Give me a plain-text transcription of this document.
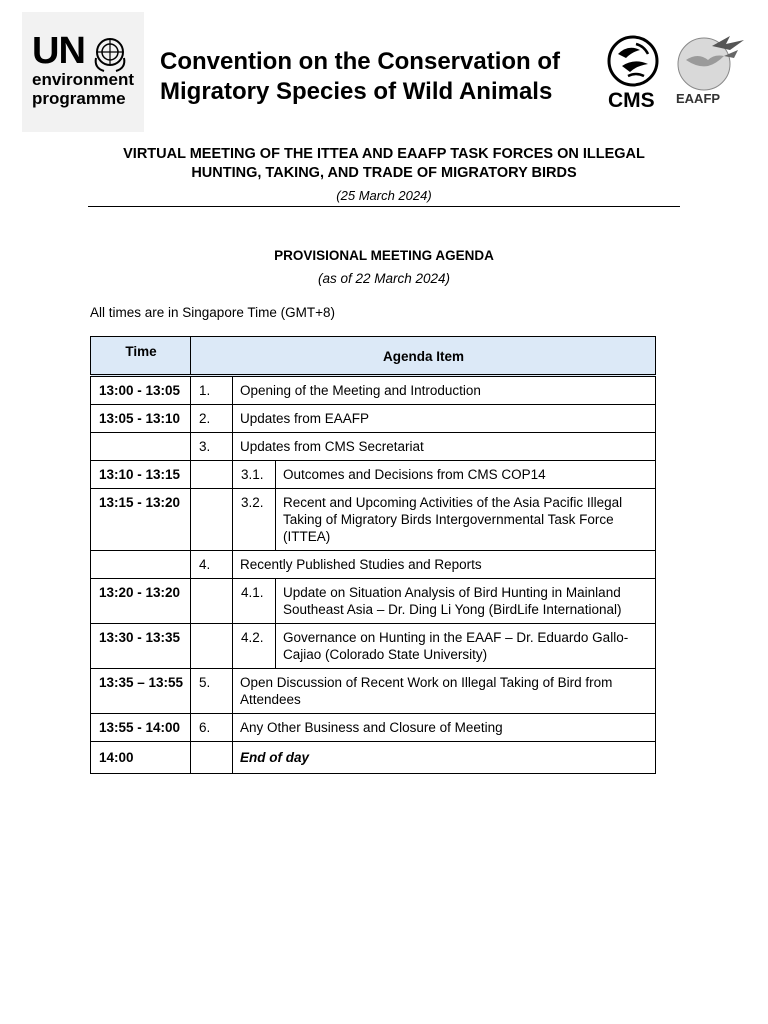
UN
environment
programme
Convention on the Conservation of
Migratory Species of Wild Animals	CMS EAAFP
VIRTUAL MEETING OF THE ITTEA AND EAAFP TASK FORCES ON ILLEGAL
HUNTING, TAKING, AND TRADE OF MIGRATORY BIRDS
(25 March 2024)
PROVISIONAL MEETING AGENDA
(as of 22 March 2024)
All times are in Singapore Time (GMT+8)
Time	Agenda Item		
13:00 - 13:05	1.	Opening of the Meeting and Introduction	
13:05 - 13:10	2.	Updates from EAAFP	
	3.	Updates from CMS Secretariat	
13:10 - 13:15		3.1.	Outcomes and Decisions from CMS COP14
13:15 - 13:20		3.2.	Recent and Upcoming Activities of the Asia Pacific Illegal Taking of Migratory Birds Intergovernmental Task Force (ITTEA)
	4.	Recently Published Studies and Reports	
13:20 - 13:20		4.1.	Update on Situation Analysis of Bird Hunting in Mainland Southeast Asia – Dr. Ding Li Yong (BirdLife International)
13:30 - 13:35		4.2.	Governance on Hunting in the EAAF – Dr. Eduardo Gallo-Cajiao (Colorado State University)
13:35 – 13:55	5.	Open Discussion of Recent Work on Illegal Taking of Bird from Attendees	
13:55 - 14:00	6.	Any Other Business and Closure of Meeting	
14:00		End of day	
